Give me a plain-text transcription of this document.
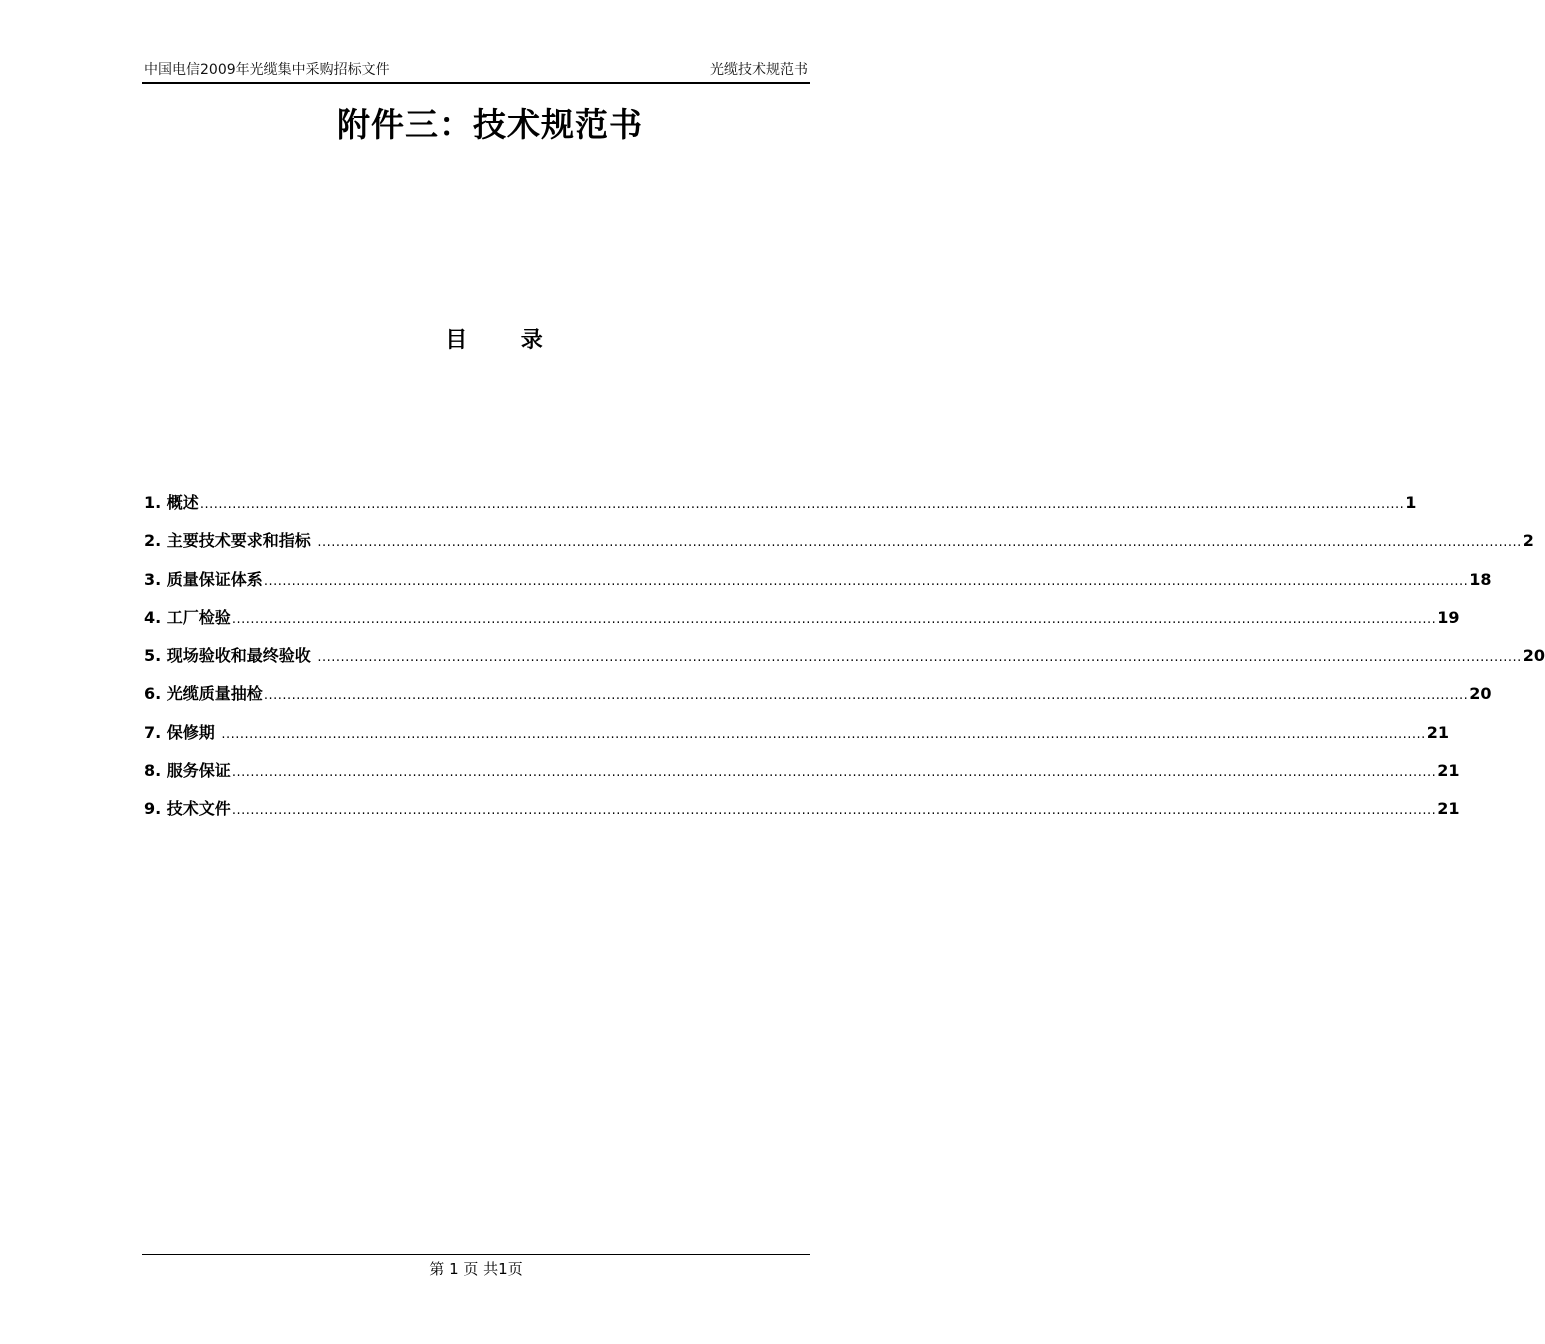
中国电信2009年光缆集中采购招标文件	光缆技术规范书
附件三：技术规范书
目       录
1.
概述 .................................................................................................................................................................................................................................................................... 1
2.
主要技术要求和指标 .................................................................................................................................................................................................................................................................... 2
3.
质量保证体系 .................................................................................................................................................................................................................................................................... 18
4.
工厂检验 .................................................................................................................................................................................................................................................................... 19
5.
现场验收和最终验收 .................................................................................................................................................................................................................................................................... 20
6.
光缆质量抽检 .................................................................................................................................................................................................................................................................... 20
7.
保修期 .................................................................................................................................................................................................................................................................... 21
8.
服务保证 .................................................................................................................................................................................................................................................................... 21
9.
技术文件 .................................................................................................................................................................................................................................................................... 21
第 1 页 共1页
